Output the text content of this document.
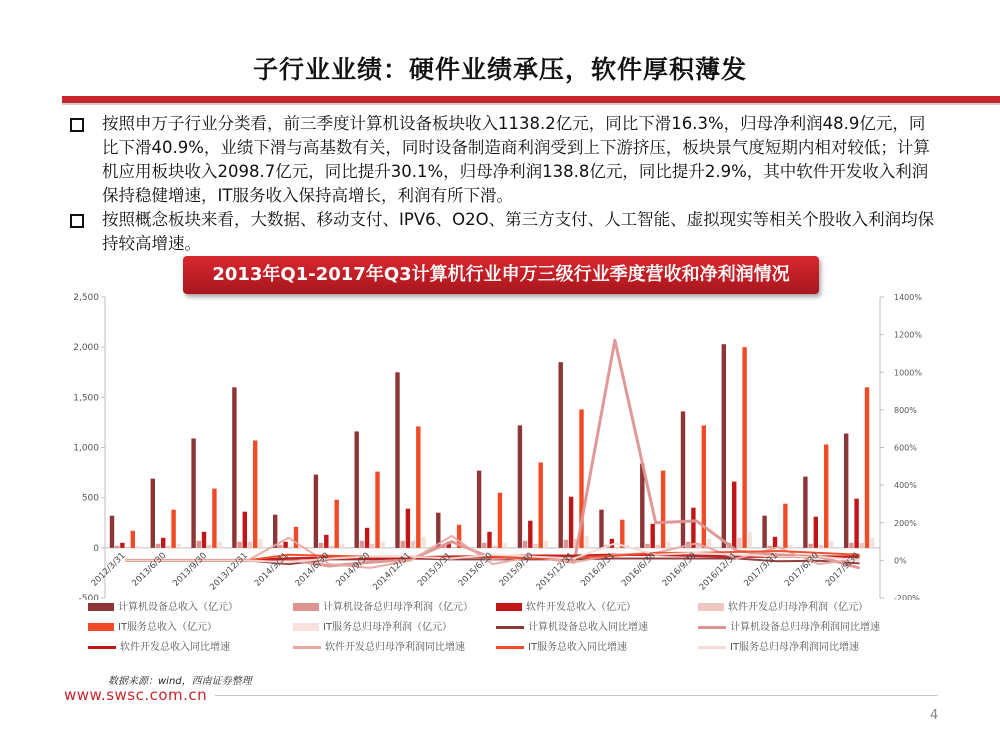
子行业业绩：硬件业绩承压，软件厚积薄发

按照申万子行业分类看，前三季度计算机设备板块收入1138.2亿元，同比下滑16.3%，归母净利润48.9亿元，同比下滑40.9%，业绩下滑与高基数有关，同时设备制造商利润受到上下游挤压，板块景气度短期内相对较低；计算机应用板块收入2098.7亿元，同比提升30.1%，归母净利润138.8亿元，同比提升2.9%，其中软件开发收入利润保持稳健增速，IT服务收入保持高增长，利润有所下滑。

按照概念板块来看，大数据、移动支付、IPV6、O2O、第三方支付、人工智能、虚拟现实等相关个股收入利润均保持较高增速。

2013年Q1-2017年Q3计算机行业申万三级行业季度营收和净利润情况
-500
0
500
1,000
1,500
2,000
2,500
-200%
0%
200%
400%
600%
800%
1000%
1200%
1400%
2012/3/31 2013/6/30 2013/9/30 2013/12/31 2014/3/31 2014/6/30 2014/9/30 2014/12/31 2015/3/31 2015/6/30 2015/9/30 2015/12/31 2016/3/31 2016/6/30 2016/9/30 2016/12/31 2017/3/31 2017/6/30 2017/9/30
计算机设备总收入（亿元）	计算机设备总归母净利润（亿元）	软件开发总收入（亿元）	软件开发总归母净利润（亿元）
IT服务总收入（亿元）	IT服务总归母净利润（亿元）	计算机设备总收入同比增速	计算机设备总归母净利润同比增速
软件开发总收入同比增速	软件开发总归母净利润同比增速	IT服务总收入同比增速	IT服务总归母净利润同比增速
数据来源：wind，西南证券整理
www.swsc.com.cn
4
